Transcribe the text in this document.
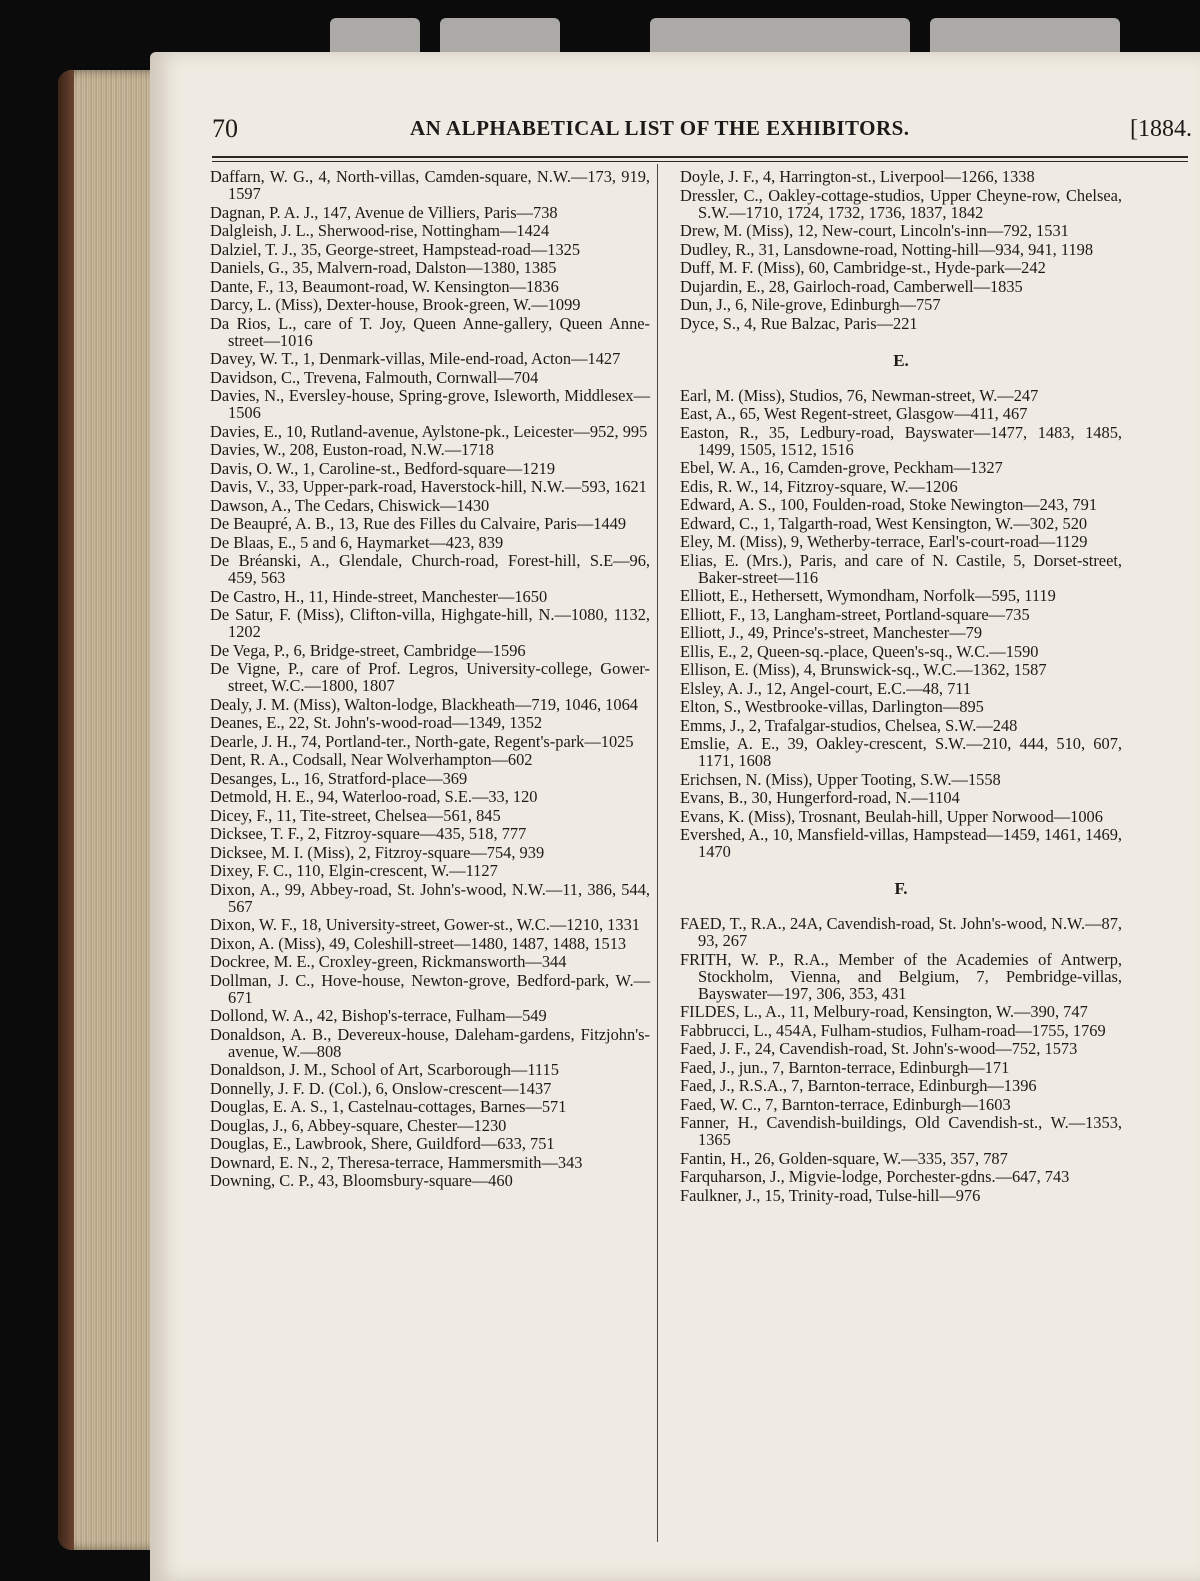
70	AN ALPHABETICAL LIST OF THE EXHIBITORS.	[1884.
Daffarn, W. G., 4, North-villas, Camden-square, N.W.—173, 919, 1597
Dagnan, P. A. J., 147, Avenue de Villiers, Paris—738
Dalgleish, J. L., Sherwood-rise, Nottingham—1424
Dalziel, T. J., 35, George-street, Hampstead-road—1325
Daniels, G., 35, Malvern-road, Dalston—1380, 1385
Dante, F., 13, Beaumont-road, W. Kensington—1836
Darcy, L. (Miss), Dexter-house, Brook-green, W.—1099
Da Rios, L., care of T. Joy, Queen Anne-gallery, Queen Anne-street—1016
Davey, W. T., 1, Denmark-villas, Mile-end-road, Acton—1427
Davidson, C., Trevena, Falmouth, Cornwall—704
Davies, N., Eversley-house, Spring-grove, Isleworth, Middlesex—1506
Davies, E., 10, Rutland-avenue, Aylstone-pk., Leicester—952, 995
Davies, W., 208, Euston-road, N.W.—1718
Davis, O. W., 1, Caroline-st., Bedford-square—1219
Davis, V., 33, Upper-park-road, Haverstock-hill, N.W.—593, 1621
Dawson, A., The Cedars, Chiswick—1430
De Beaupré, A. B., 13, Rue des Filles du Calvaire, Paris—1449
De Blaas, E., 5 and 6, Haymarket—423, 839
De Bréanski, A., Glendale, Church-road, Forest-hill, S.E—96, 459, 563
De Castro, H., 11, Hinde-street, Manchester—1650
De Satur, F. (Miss), Clifton-villa, Highgate-hill, N.—1080, 1132, 1202
De Vega, P., 6, Bridge-street, Cambridge—1596
De Vigne, P., care of Prof. Legros, University-college, Gower-street, W.C.—1800, 1807
Dealy, J. M. (Miss), Walton-lodge, Blackheath—719, 1046, 1064
Deanes, E., 22, St. John's-wood-road—1349, 1352
Dearle, J. H., 74, Portland-ter., North-gate, Regent's-park—1025
Dent, R. A., Codsall, Near Wolverhampton—602
Desanges, L., 16, Stratford-place—369
Detmold, H. E., 94, Waterloo-road, S.E.—33, 120
Dicey, F., 11, Tite-street, Chelsea—561, 845
Dicksee, T. F., 2, Fitzroy-square—435, 518, 777
Dicksee, M. I. (Miss), 2, Fitzroy-square—754, 939
Dixey, F. C., 110, Elgin-crescent, W.—1127
Dixon, A., 99, Abbey-road, St. John's-wood, N.W.—11, 386, 544, 567
Dixon, W. F., 18, University-street, Gower-st., W.C.—1210, 1331
Dixon, A. (Miss), 49, Coleshill-street—1480, 1487, 1488, 1513
Dockree, M. E., Croxley-green, Rickmansworth—344
Dollman, J. C., Hove-house, Newton-grove, Bedford-park, W.—671
Dollond, W. A., 42, Bishop's-terrace, Fulham—549
Donaldson, A. B., Devereux-house, Daleham-gardens, Fitzjohn's-avenue, W.—808
Donaldson, J. M., School of Art, Scarborough—1115
Donnelly, J. F. D. (Col.), 6, Onslow-crescent—1437
Douglas, E. A. S., 1, Castelnau-cottages, Barnes—571
Douglas, J., 6, Abbey-square, Chester—1230
Douglas, E., Lawbrook, Shere, Guildford—633, 751
Downard, E. N., 2, Theresa-terrace, Hammersmith—343
Downing, C. P., 43, Bloomsbury-square—460
Doyle, J. F., 4, Harrington-st., Liverpool—1266, 1338
Dressler, C., Oakley-cottage-studios, Upper Cheyne-row, Chelsea, S.W.—1710, 1724, 1732, 1736, 1837, 1842
Drew, M. (Miss), 12, New-court, Lincoln's-inn—792, 1531
Dudley, R., 31, Lansdowne-road, Notting-hill—934, 941, 1198
Duff, M. F. (Miss), 60, Cambridge-st., Hyde-park—242
Dujardin, E., 28, Gairloch-road, Camberwell—1835
Dun, J., 6, Nile-grove, Edinburgh—757
Dyce, S., 4, Rue Balzac, Paris—221
E.
Earl, M. (Miss), Studios, 76, Newman-street, W.—247
East, A., 65, West Regent-street, Glasgow—411, 467
Easton, R., 35, Ledbury-road, Bayswater—1477, 1483, 1485, 1499, 1505, 1512, 1516
Ebel, W. A., 16, Camden-grove, Peckham—1327
Edis, R. W., 14, Fitzroy-square, W.—1206
Edward, A. S., 100, Foulden-road, Stoke Newington—243, 791
Edward, C., 1, Talgarth-road, West Kensington, W.—302, 520
Eley, M. (Miss), 9, Wetherby-terrace, Earl's-court-road—1129
Elias, E. (Mrs.), Paris, and care of N. Castile, 5, Dorset-street, Baker-street—116
Elliott, E., Hethersett, Wymondham, Norfolk—595, 1119
Elliott, F., 13, Langham-street, Portland-square—735
Elliott, J., 49, Prince's-street, Manchester—79
Ellis, E., 2, Queen-sq.-place, Queen's-sq., W.C.—1590
Ellison, E. (Miss), 4, Brunswick-sq., W.C.—1362, 1587
Elsley, A. J., 12, Angel-court, E.C.—48, 711
Elton, S., Westbrooke-villas, Darlington—895
Emms, J., 2, Trafalgar-studios, Chelsea, S.W.—248
Emslie, A. E., 39, Oakley-crescent, S.W.—210, 444, 510, 607, 1171, 1608
Erichsen, N. (Miss), Upper Tooting, S.W.—1558
Evans, B., 30, Hungerford-road, N.—1104
Evans, K. (Miss), Trosnant, Beulah-hill, Upper Norwood—1006
Evershed, A., 10, Mansfield-villas, Hampstead—1459, 1461, 1469, 1470
F.
FAED, T., R.A., 24A, Cavendish-road, St. John's-wood, N.W.—87, 93, 267
FRITH, W. P., R.A., Member of the Academies of Antwerp, Stockholm, Vienna, and Belgium, 7, Pembridge-villas, Bayswater—197, 306, 353, 431
FILDES, L., A., 11, Melbury-road, Kensington, W.—390, 747
Fabbrucci, L., 454A, Fulham-studios, Fulham-road—1755, 1769
Faed, J. F., 24, Cavendish-road, St. John's-wood—752, 1573
Faed, J., jun., 7, Barnton-terrace, Edinburgh—171
Faed, J., R.S.A., 7, Barnton-terrace, Edinburgh—1396
Faed, W. C., 7, Barnton-terrace, Edinburgh—1603
Fanner, H., Cavendish-buildings, Old Cavendish-st., W.—1353, 1365
Fantin, H., 26, Golden-square, W.—335, 357, 787
Farquharson, J., Migvie-lodge, Porchester-gdns.—647, 743
Faulkner, J., 15, Trinity-road, Tulse-hill—976
